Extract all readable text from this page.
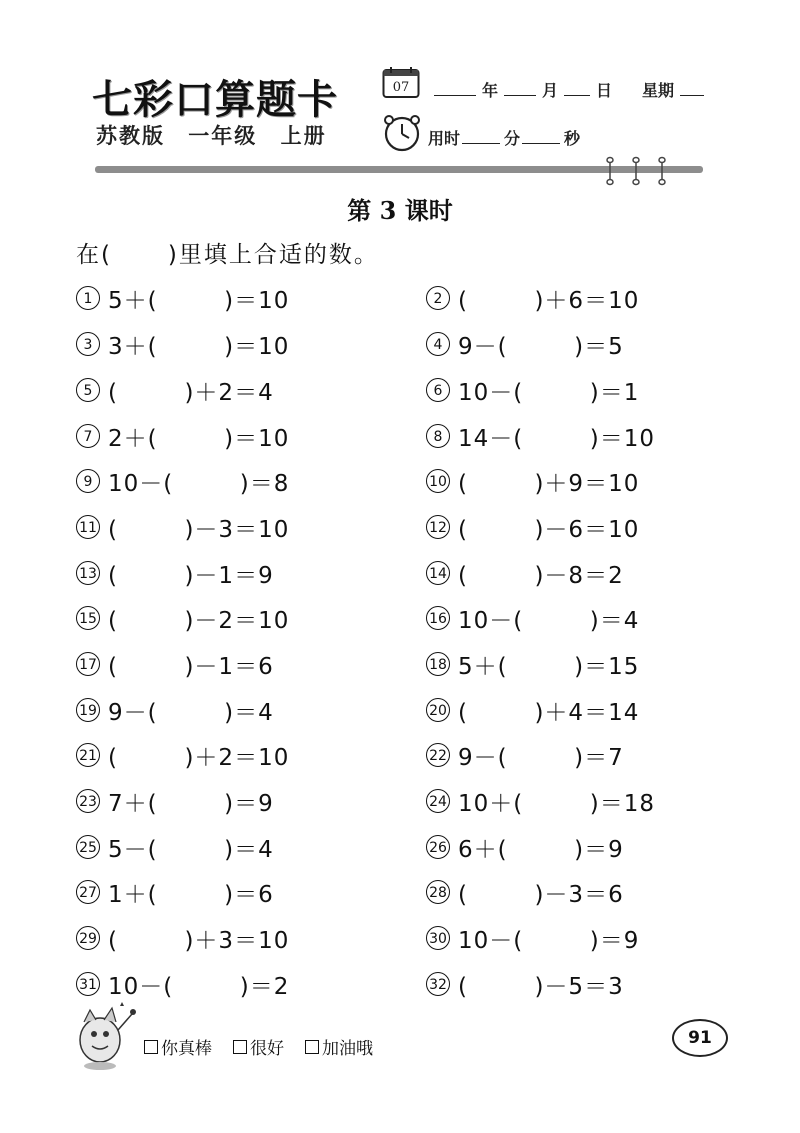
七彩口算题卡
苏教版 一年级 上册
07	年	月 日 星期
用时	分	秒
第 3 课时
在(      )里填上合适的数。
1 5＋(        )＝10	2 (        )＋6＝10
3 3＋(        )＝10	4 9－(        )＝5
5 (        )＋2＝4	6 10－(        )＝1
7 2＋(        )＝10	8 14－(        )＝10
9 10－(        )＝8	10 (        )＋9＝10
11 (        )－3＝10	12 (        )－6＝10
13 (        )－1＝9	14 (        )－8＝2
15 (        )－2＝10	16 10－(        )＝4
17 (        )－1＝6	18 5＋(        )＝15
19 9－(        )＝4	20 (        )＋4＝14
21 (        )＋2＝10	22 9－(        )＝7
23 7＋(        )＝9	24 10＋(        )＝18
25 5－(        )＝4	26 6＋(        )＝9
27 1＋(        )＝6	28 (        )－3＝6
29 (        )＋3＝10	30 10－(        )＝9
31 10－(        )＝2	32 (        )－5＝3
你真棒 很好 加油哦
91
